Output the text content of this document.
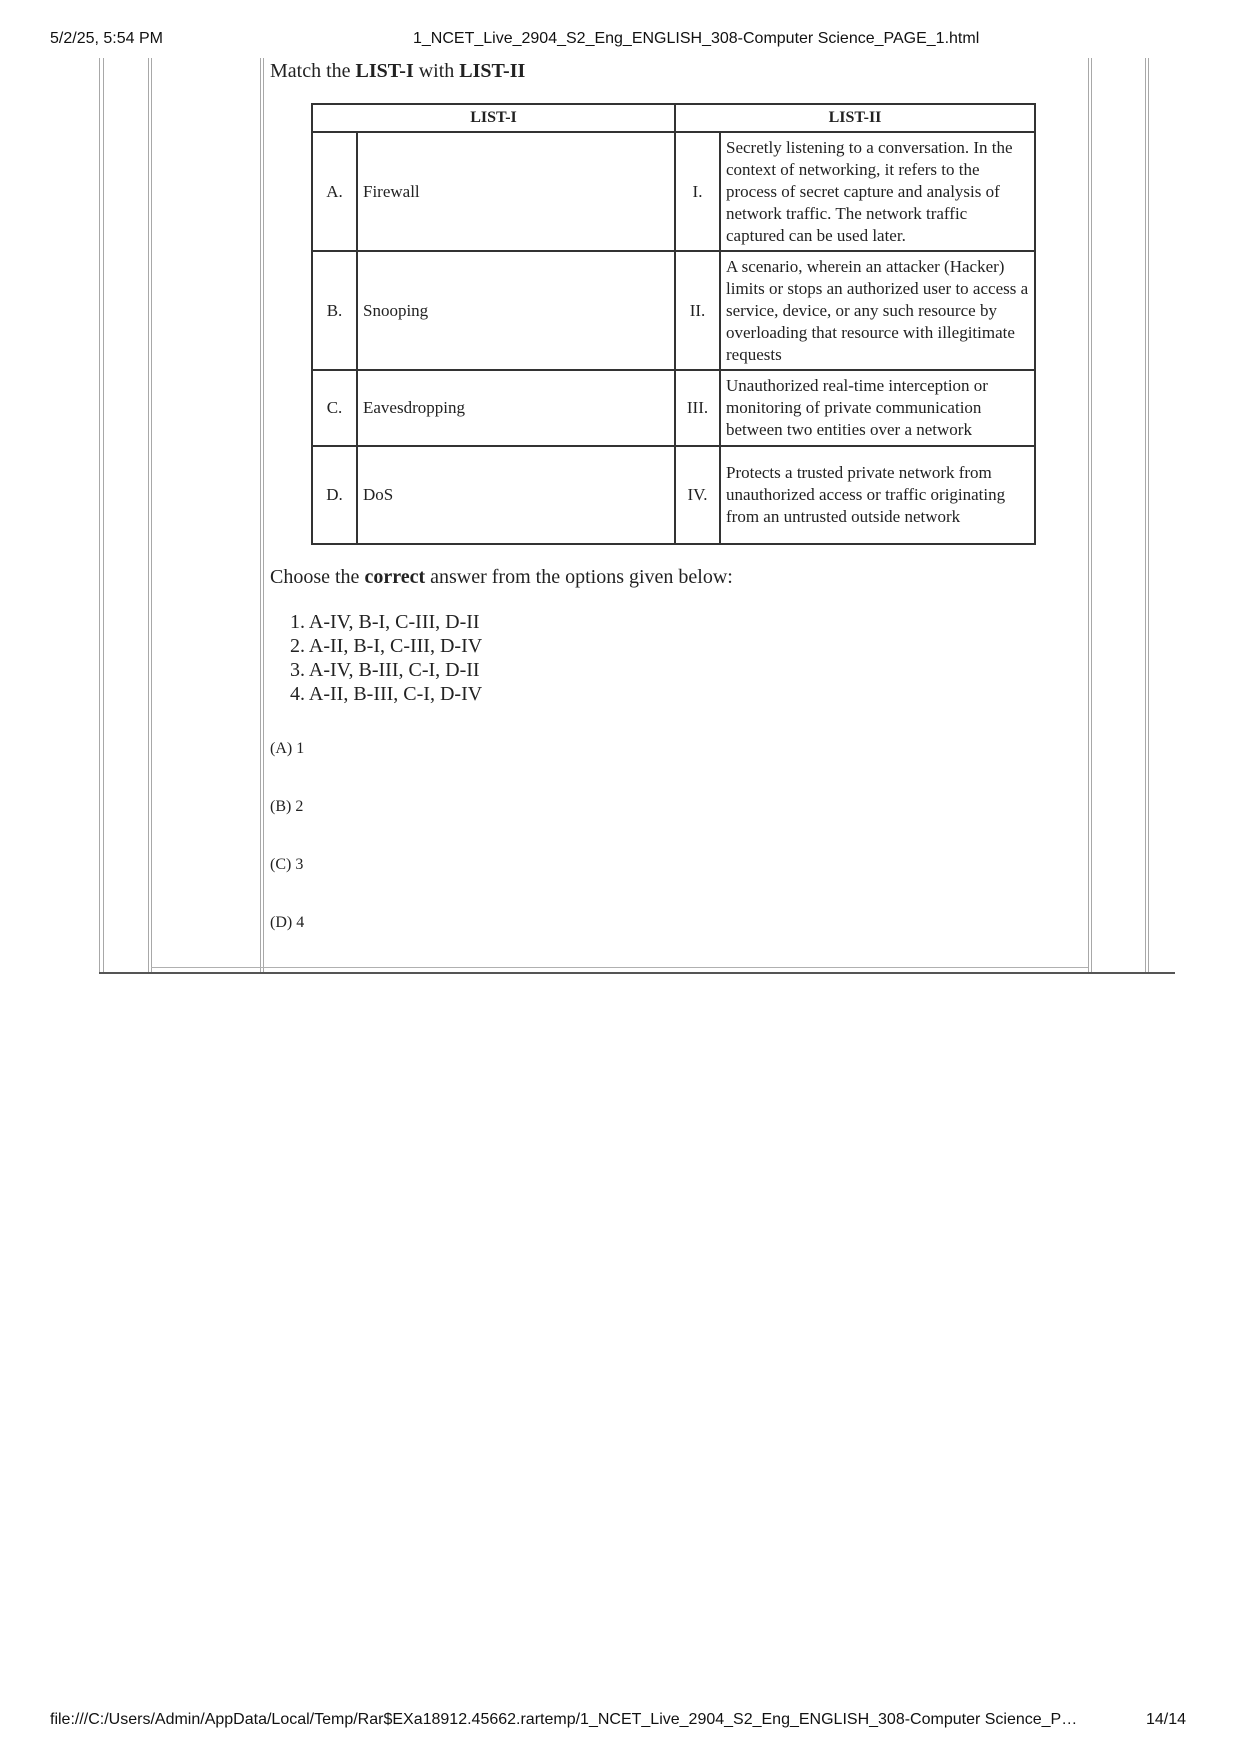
5/2/25, 5:54 PM	1_NCET_Live_2904_S2_Eng_ENGLISH_308-Computer Science_PAGE_1.html
Match the LIST-I with LIST-II
LIST-I		LIST-II	
A.	Firewall	I.	Secretly listening to a conversation. In the context of networking, it refers to the process of secret capture and analysis of network traffic. The network traffic captured can be used later.
B.	Snooping	II.	A scenario, wherein an attacker (Hacker) limits or stops an authorized user to access a service, device, or any such resource by overloading that resource with illegitimate requests
C.	Eavesdropping	III.	Unauthorized real-time interception or monitoring of private communication between two entities over a network
D.	DoS	IV.	Protects a trusted private network from unauthorized access or traffic originating from an untrusted outside network
Choose the correct answer from the options given below:
1. A-IV, B-I, C-III, D-II
2. A-II, B-I, C-III, D-IV
3. A-IV, B-III, C-I, D-II
4. A-II, B-III, C-I, D-IV
(A) 1
(B) 2
(C) 3
(D) 4
file:///C:/Users/Admin/AppData/Local/Temp/Rar$EXa18912.45662.rartemp/1_NCET_Live_2904_S2_Eng_ENGLISH_308-Computer Science_P…	14/14
